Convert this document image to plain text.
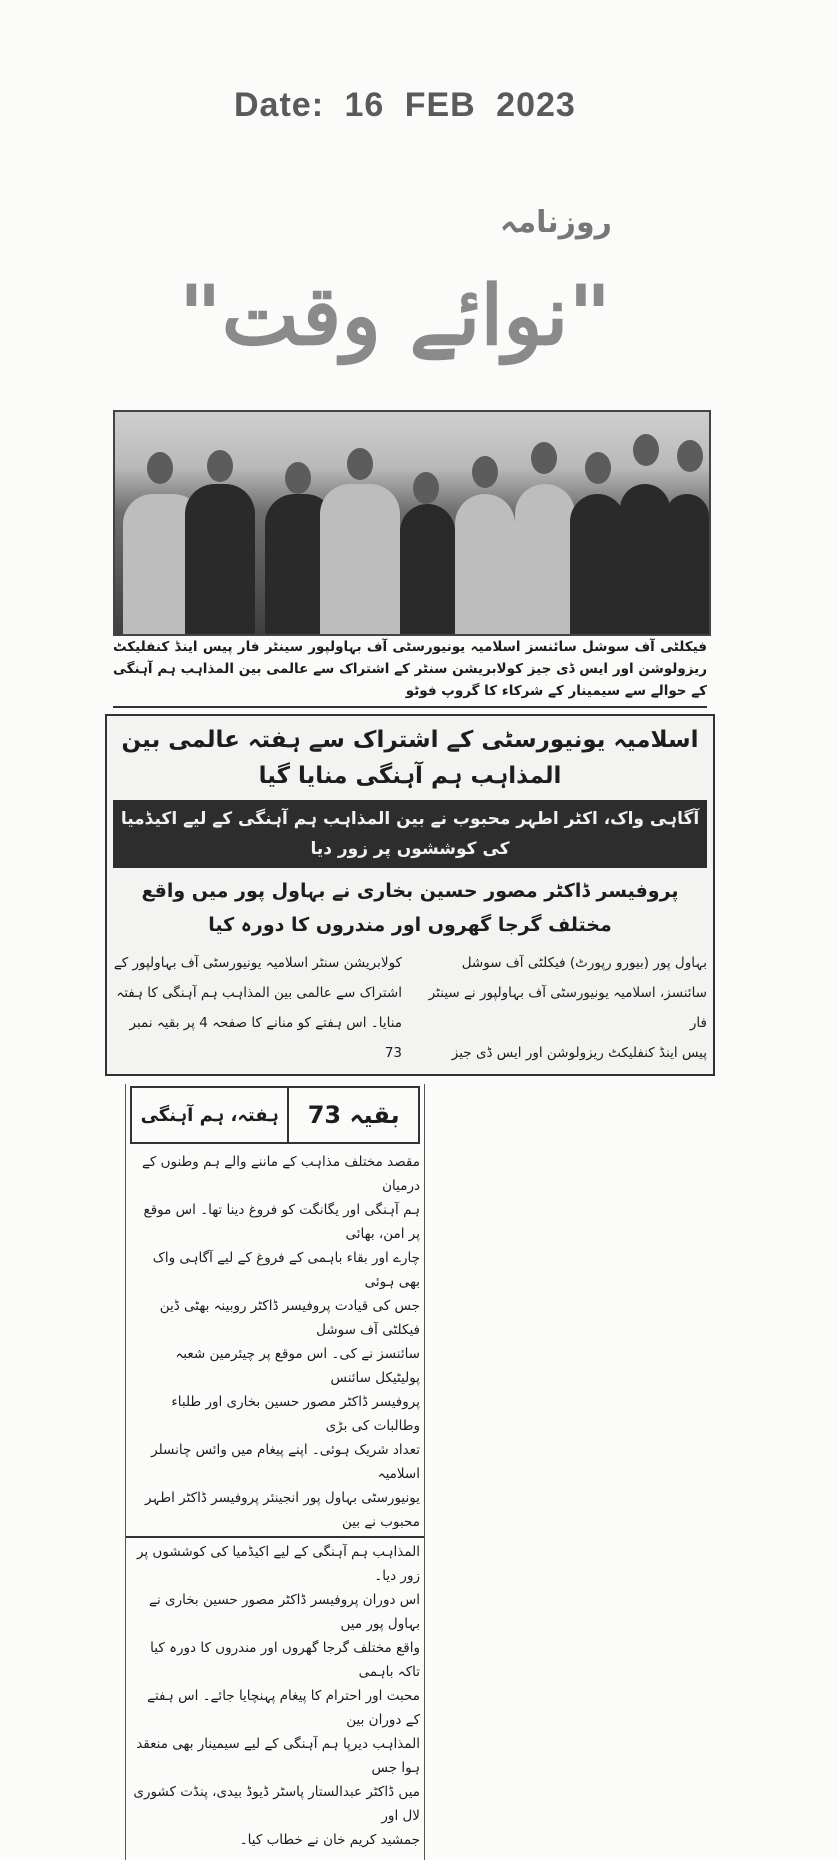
Date: 16 FEB 2023
روزنامہ
"نوائے وقت"
فیکلٹی آف سوشل سائنسز اسلامیہ یونیورسٹی آف بہاولپور سینٹر فار پیس اینڈ کنفلیکٹ ریزولوشن اور ایس ڈی جیز کولابریشن سنٹر کے اشتراک سے عالمی بین المذاہب ہم آہنگی کے حوالے سے سیمینار کے شرکاء کا گروپ فوٹو
اسلامیہ یونیورسٹی کے اشتراک سے ہفتہ عالمی بین المذاہب ہم آہنگی منایا گیا
آگاہی واک، اکٹر اطہر محبوب نے بین المذاہب ہم آہنگی کے لیے اکیڈمیا کی کوششوں پر زور دیا
پروفیسر ڈاکٹر مصور حسین بخاری نے بہاول پور میں واقع مختلف گرجا گھروں اور مندروں کا دورہ کیا
بہاول پور (بیورو رپورٹ) فیکلٹی آف سوشل
سائنسز، اسلامیہ یونیورسٹی آف بہاولپور نے سینٹر فار
پیس اینڈ کنفلیکٹ ریزولوشن اور ایس ڈی جیز
کولابریشن سنٹر اسلامیہ یونیورسٹی آف بہاولپور کے
اشتراک سے عالمی بین المذاہب ہم آہنگی کا ہفتہ
منایا۔ اس ہفتے کو منانے کا صفحہ 4 پر بقیہ نمبر 73
بقیہ 73
ہفتہ، ہم آہنگی
مقصد مختلف مذاہب کے ماننے والے ہم وطنوں کے درمیان
ہم آہنگی اور یگانگت کو فروغ دینا تھا۔ اس موقع پر امن، بھائی
چارے اور بقاء باہمی کے فروغ کے لیے آگاہی واک بھی ہوئی
جس کی قیادت پروفیسر ڈاکٹر روبینہ بھٹی ڈین فیکلٹی آف سوشل
سائنسز نے کی۔ اس موقع پر چیئرمین شعبہ پولیٹیکل سائنس
پروفیسر ڈاکٹر مصور حسین بخاری اور طلباء وطالبات کی بڑی
تعداد شریک ہوئی۔ اپنے پیغام میں وائس چانسلر اسلامیہ
یونیورسٹی بہاول پور انجینئر پروفیسر ڈاکٹر اطہر محبوب نے بین
المذاہب ہم آہنگی کے لیے اکیڈمیا کی کوششوں پر زور دیا۔
اس دوران پروفیسر ڈاکٹر مصور حسین بخاری نے بہاول پور میں
واقع مختلف گرجا گھروں اور مندروں کا دورہ کیا تاکہ باہمی
محبت اور احترام کا پیغام پہنچایا جائے۔ اس ہفتے کے دوران بین
المذاہب دیرپا ہم آہنگی کے لیے سیمینار بھی منعقد ہوا جس
میں ڈاکٹر عبدالستار پاسٹر ڈیوڈ بیدی، پنڈت کشوری لال اور
جمشید کریم خان نے خطاب کیا۔
